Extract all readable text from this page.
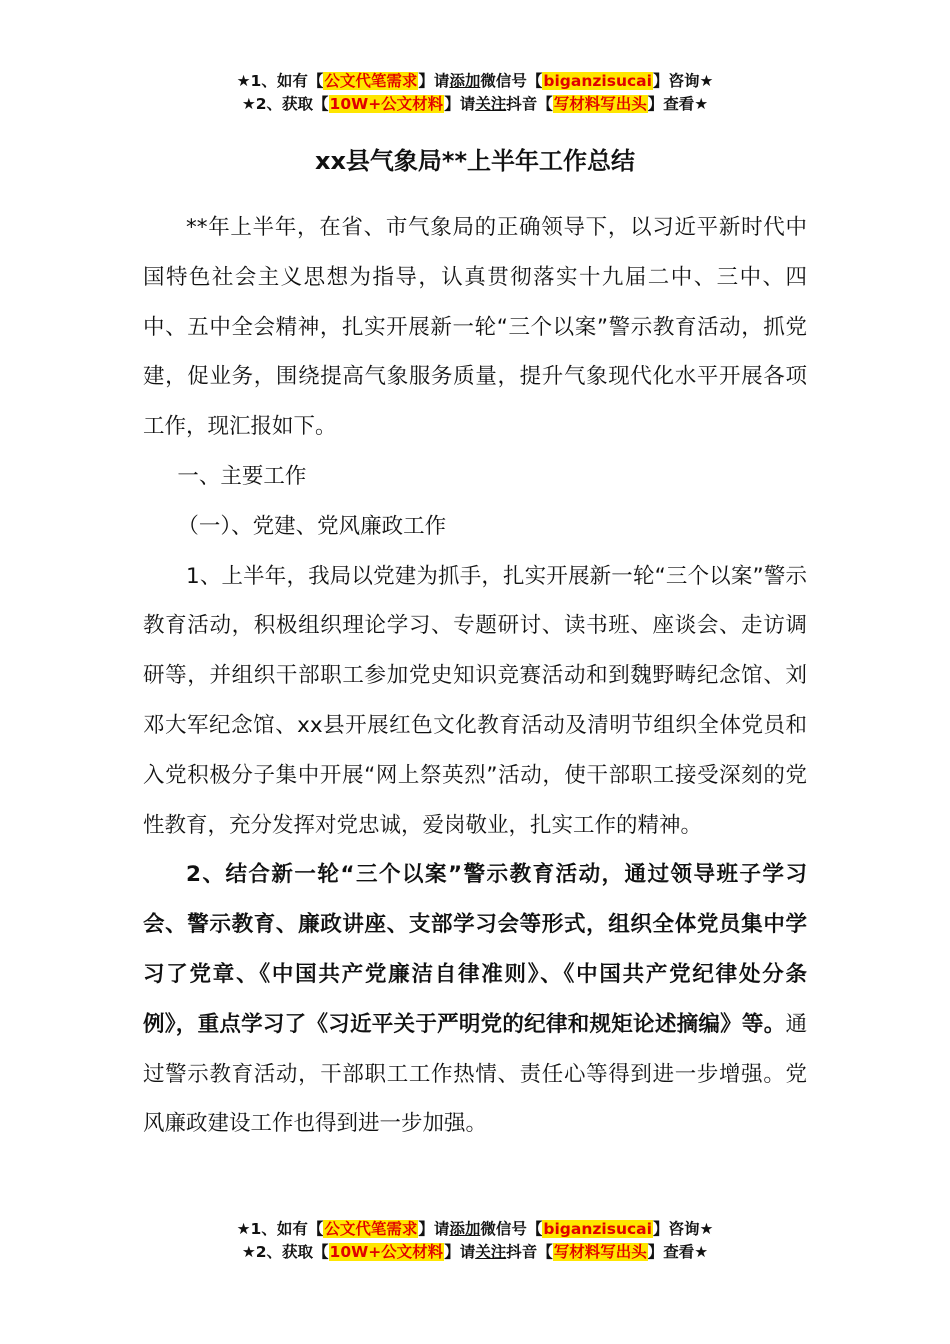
★1、如有【公文代笔需求】请添加微信号【biganzisucai】咨询★
★2、获取【10W+公文材料】请关注抖音【写材料写出头】查看★
xx县气象局**上半年工作总结

**年上半年，在省、市气象局的正确领导下，以习近平新时代中国特色社会主义思想为指导，认真贯彻落实十九届二中、三中、四中、五中全会精神，扎实开展新一轮“三个以案”警示教育活动，抓党建，促业务，围绕提高气象服务质量，提升气象现代化水平开展各项工作，现汇报如下。

一、主要工作

（一）、党建、党风廉政工作

1、上半年，我局以党建为抓手，扎实开展新一轮“三个以案”警示教育活动，积极组织理论学习、专题研讨、读书班、座谈会、走访调研等，并组织干部职工参加党史知识竞赛活动和到魏野畴纪念馆、刘邓大军纪念馆、xx县开展红色文化教育活动及清明节组织全体党员和入党积极分子集中开展“网上祭英烈”活动，使干部职工接受深刻的党性教育，充分发挥对党忠诚，爱岗敬业，扎实工作的精神。

2、结合新一轮“三个以案”警示教育活动，通过领导班子学习会、警示教育、廉政讲座、支部学习会等形式，组织全体党员集中学习了党章、《中国共产党廉洁自律准则》、《中国共产党纪律处分条例》，重点学习了《习近平关于严明党的纪律和规矩论述摘编》等。通过警示教育活动，干部职工工作热情、责任心等得到进一步增强。党风廉政建设工作也得到进一步加强。

★1、如有【公文代笔需求】请添加微信号【biganzisucai】咨询★
★2、获取【10W+公文材料】请关注抖音【写材料写出头】查看★
